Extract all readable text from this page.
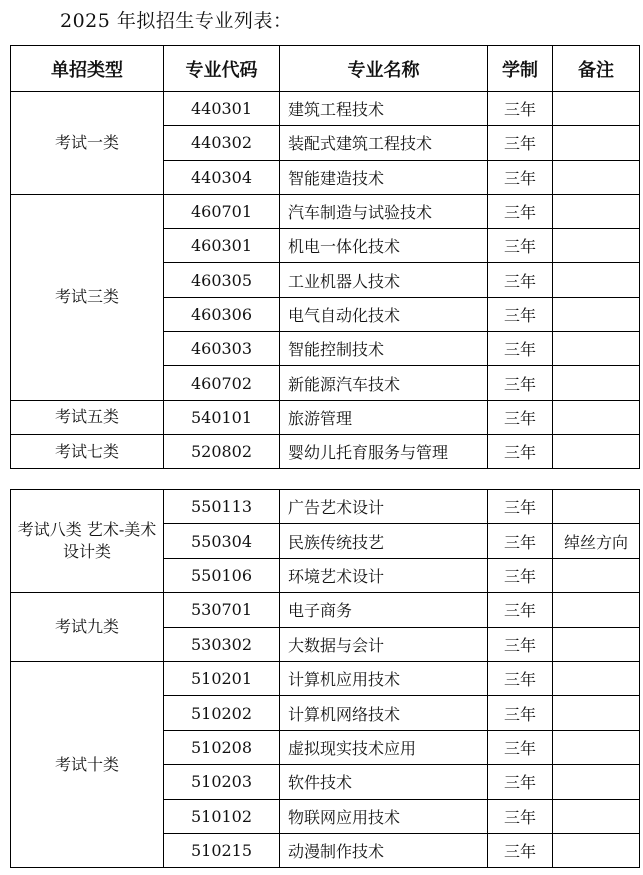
2025 年拟招生专业列表：
单招类型	专业代码	专业名称	学制	备注
考试一类	440301	建筑工程技术	三年	
	440302	装配式建筑工程技术	三年	
	440304	智能建造技术	三年	
考试三类	460701	汽车制造与试验技术	三年	
	460301	机电一体化技术	三年	
	460305	工业机器人技术	三年	
	460306	电气自动化技术	三年	
	460303	智能控制技术	三年	
	460702	新能源汽车技术	三年	
考试五类	540101	旅游管理	三年	
考试七类	520802	婴幼儿托育服务与管理	三年	
考试八类 艺术-美术设计类	550113	广告艺术设计	三年	
	550304	民族传统技艺	三年	绰丝方向
	550106	环境艺术设计	三年	
考试九类	530701	电子商务	三年	
	530302	大数据与会计	三年	
考试十类	510201	计算机应用技术	三年	
	510202	计算机网络技术	三年	
	510208	虚拟现实技术应用	三年	
	510203	软件技术	三年	
	510102	物联网应用技术	三年	
	510215	动漫制作技术	三年	
